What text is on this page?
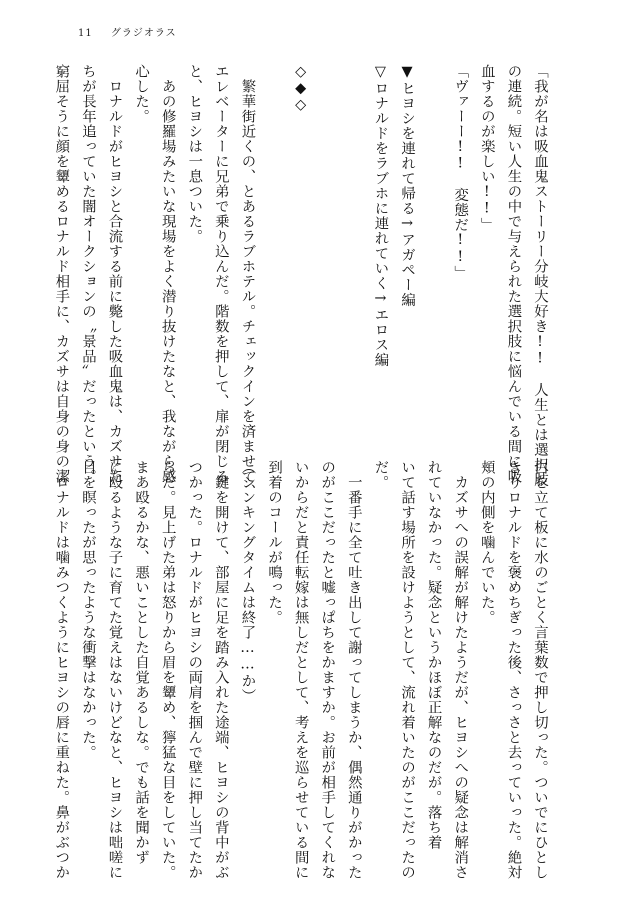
11 グラジオラス
「我が名は吸血鬼ストーリー分岐大好き!!　人生とは選択肢
の連続。短い人生の中で与えられた選択肢に悩んでいる間に吸
血するのが楽しい!!」
「ヴァーー!!　変態だ!!」
▼ヒヨシを連れて帰る→アガペー編
▽ロナルドをラブホに連れていく→エロス編
◇◆◇
　繁華街近くの、とあるラブホテル。チェックインを済ませて、
エレベーターに兄弟で乗り込んだ。階数を押して、扉が閉じる
と、ヒヨシは一息ついた。
　あの修羅場みたいな現場をよく潜り抜けたなと、我ながら感
心した。
　ロナルドがヒヨシと合流する前に斃した吸血鬼は、カズサた
ちが長年追っていた闇オークションの〝景品〟だったという。
窮屈そうに顔を顰めるロナルド相手に、カズサは自身の身の潔
白を立て板に水のごとく言葉数で押し切った。ついでにひとし
きりロナルドを褒めちぎった後、さっさと去っていった。絶対
頬の内側を噛んでいた。
　カズサへの誤解が解けたようだが、ヒヨシへの疑念は解消さ
れていなかった。疑念というかほぼ正解なのだが。落ち着
いて話す場所を設けようとして、流れ着いたのがここだったの
だ。
　一番手に全て吐き出して謝ってしまうか、偶然通りがかった
のがここだったと嘘っぱちをかますか。お前が相手してくれな
いからだと責任転嫁は無しだとして、考えを巡らせている間に
到着のコールが鳴った。
（シンキングタイムは終了……か）
　鍵を開けて、部屋に足を踏み入れた途端、ヒヨシの背中がぶ
つかった。ロナルドがヒヨシの両肩を掴んで壁に押し当てたか
らだ。見上げた弟は怒りから眉を顰め、獰猛な目をしていた。
まあ殴るかな、悪いことした自覚あるしな。でも話を聞かず
に殴るような子に育てた覚えはないけどなと、ヒヨシは咄嗟に
目を瞑ったが思ったような衝撃はなかった。
　ロナルドは噛みつくようにヒヨシの唇に重ねた。鼻がぶつか
